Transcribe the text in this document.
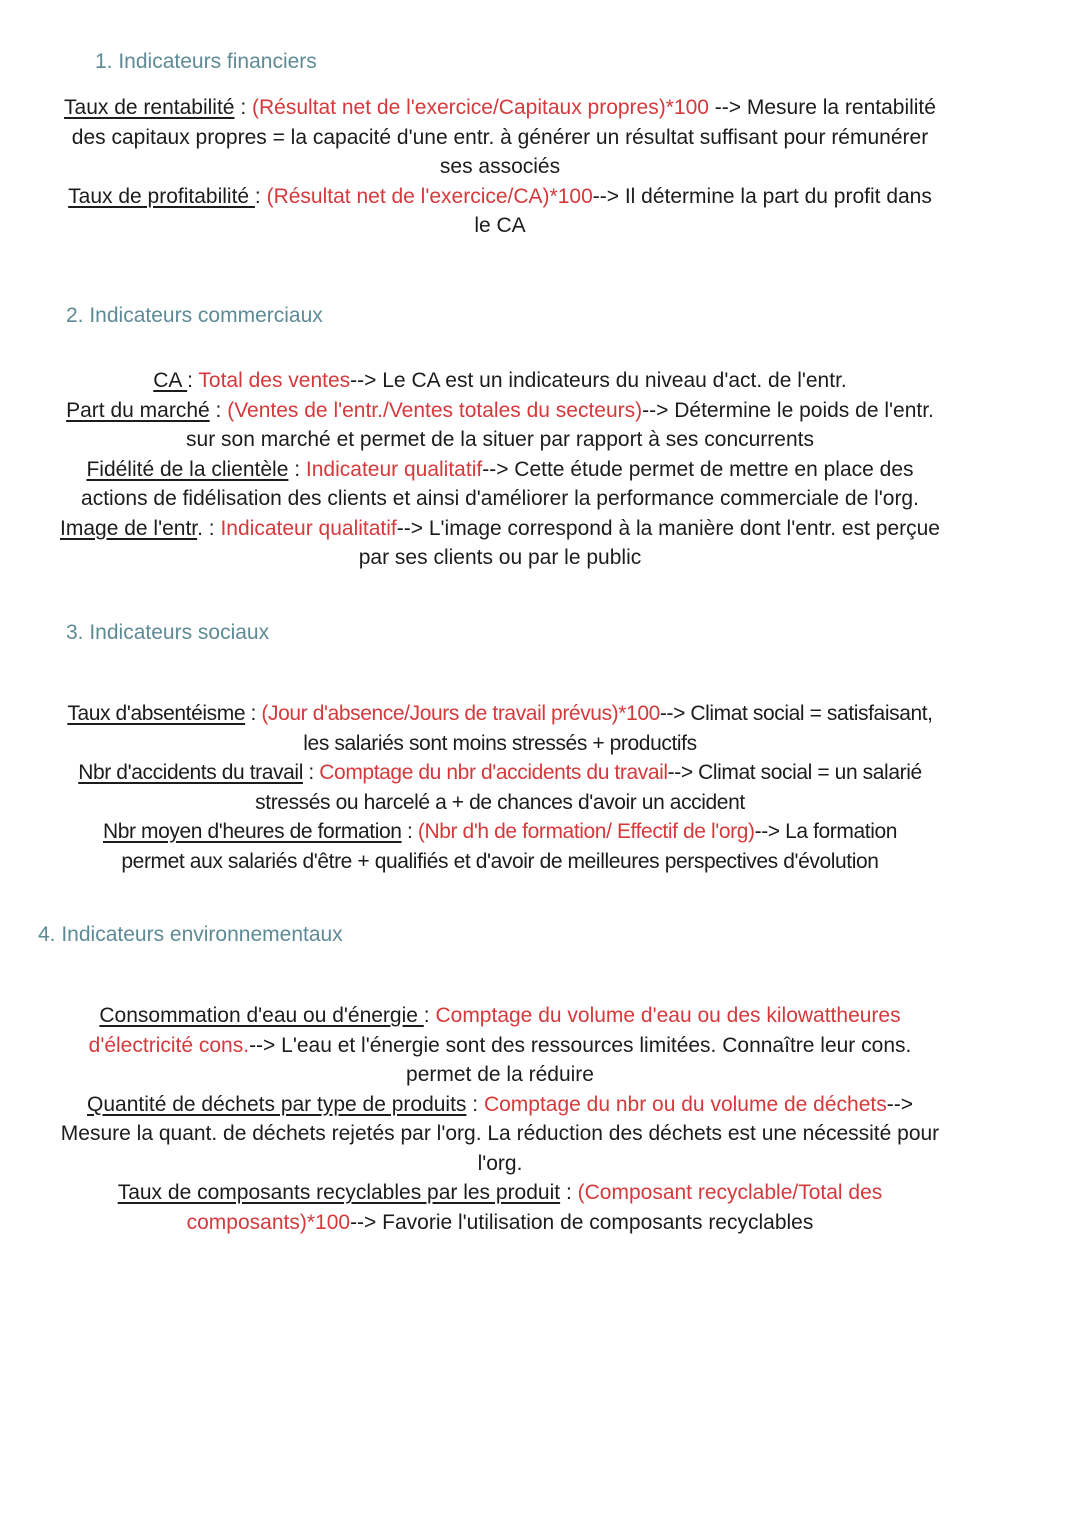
1. Indicateurs financiers
Taux de rentabilité : (Résultat net de l'exercice/Capitaux propres)*100 --> Mesure la rentabilité
des capitaux propres = la capacité d'une entr. à générer un résultat suffisant pour rémunérer
ses associés
Taux de profitabilité : (Résultat net de l'exercice/CA)*100--> Il détermine la part du profit dans
le CA
2. Indicateurs commerciaux
CA : Total des ventes--> Le CA est un indicateurs du niveau d'act. de l'entr.
Part du marché : (Ventes de l'entr./Ventes totales du secteurs)--> Détermine le poids de l'entr.
sur son marché et permet de la situer par rapport à ses concurrents
Fidélité de la clientèle : Indicateur qualitatif--> Cette étude permet de mettre en place des
actions de fidélisation des clients et ainsi d'améliorer la performance commerciale de l'org.
Image de l'entr. : Indicateur qualitatif--> L'image correspond à la manière dont l'entr. est perçue
par ses clients ou par le public
3. Indicateurs sociaux
Taux d'absentéisme : (Jour d'absence/Jours de travail prévus)*100--> Climat social = satisfaisant,
les salariés sont moins stressés + productifs
Nbr d'accidents du travail : Comptage du nbr d'accidents du travail--> Climat social = un salarié
stressés ou harcelé a + de chances d'avoir un accident
Nbr moyen d'heures de formation : (Nbr d'h de formation/ Effectif de l'org)--> La formation
permet aux salariés d'être + qualifiés et d'avoir de meilleures perspectives d'évolution
4. Indicateurs environnementaux
Consommation d'eau ou d'énergie : Comptage du volume d'eau ou des kilowattheures
d'électricité cons.--> L'eau et l'énergie sont des ressources limitées. Connaître leur cons.
permet de la réduire
Quantité de déchets par type de produits : Comptage du nbr ou du volume de déchets-->
Mesure la quant. de déchets rejetés par l'org. La réduction des déchets est une nécessité pour
l'org.
Taux de composants recyclables par les produit : (Composant recyclable/Total des
composants)*100--> Favorie l'utilisation de composants recyclables
